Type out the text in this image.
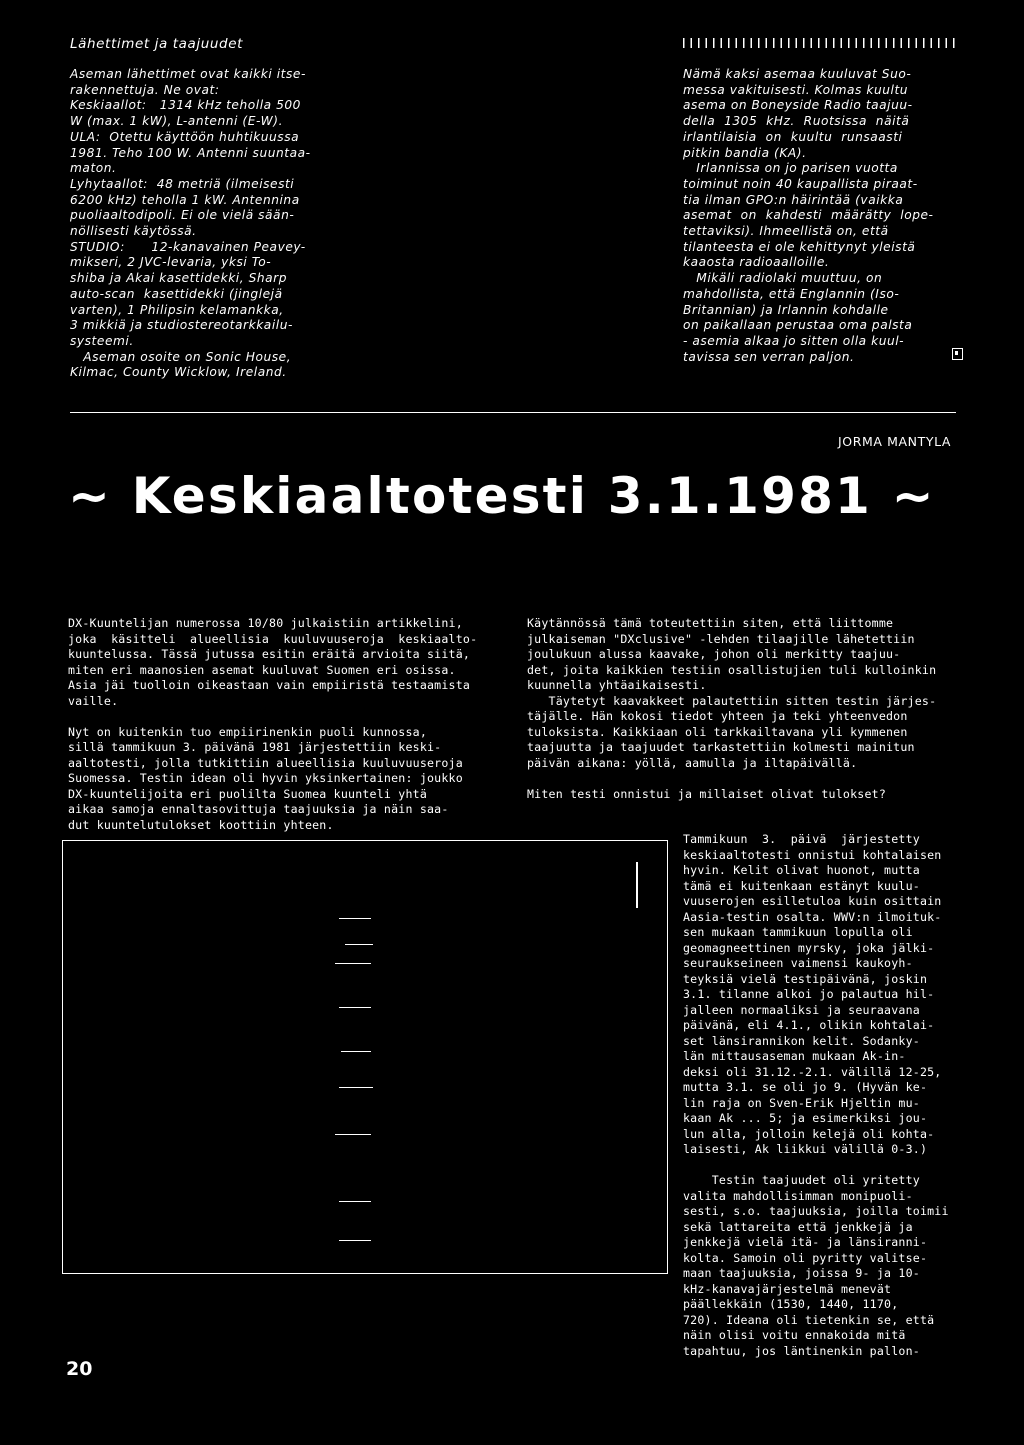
Lähettimet ja taajuudet

Aseman lähettimet ovat kaikki itse-

rakennettuja. Ne ovat:

Keskiaallot:   1314 kHz teholla 500

W (max. 1 kW), L-antenni (E-W).

ULA:  Otettu käyttöön huhtikuussa

1981. Teho 100 W. Antenni suuntaa-

maton.

Lyhytaallot:  48 metriä (ilmeisesti

6200 kHz) teholla 1 kW. Antennina

puoliaaltodipoli. Ei ole vielä sään-

nöllisesti käytössä.

STUDIO:      12-kanavainen Peavey-

mikseri, 2 JVC-levaria, yksi To-

shiba ja Akai kasettidekki, Sharp

auto-scan  kasettidekki (jinglejä

varten), 1 Philipsin kelamankka,

3 mikkiä ja studiostereotarkkailu-

systeemi.

Aseman osoite on Sonic House,

Kilmac, County Wicklow, Ireland.

Nämä kaksi asemaa kuuluvat Suo-

messa vakituisesti. Kolmas kuultu

asema on Boneyside Radio taajuu-

della  1305  kHz.  Ruotsissa  näitä

irlantilaisia  on  kuultu  runsaasti

pitkin bandia (KA).

Irlannissa on jo parisen vuotta

toiminut noin 40 kaupallista piraat-

tia ilman GPO:n häirintää (vaikka

asemat  on  kahdesti  määrätty  lope-

tettaviksi). Ihmeellistä on, että

tilanteesta ei ole kehittynyt yleistä

kaaosta radioaalloille.

Mikäli radiolaki muuttuu, on

mahdollista, että Englannin (Iso-

Britannian) ja Irlannin kohdalle

on paikallaan perustaa oma palsta

- asemia alkaa jo sitten olla kuul-

tavissa sen verran paljon.

JORMA MANTYLA
~ Keskiaaltotesti 3.1.1981 ~

DX-Kuuntelijan numerossa 10/80 julkaistiin artikkelini,

joka  käsitteli  alueellisia  kuuluvuuseroja  keskiaalto-

kuuntelussa. Tässä jutussa esitin eräitä arvioita siitä,

miten eri maanosien asemat kuuluvat Suomen eri osissa.

Asia jäi tuolloin oikeastaan vain empiiristä testaamista

vaille.

Nyt on kuitenkin tuo empiirinenkin puoli kunnossa,

sillä tammikuun 3. päivänä 1981 järjestettiin keski-

aaltotesti, jolla tutkittiin alueellisia kuuluvuuseroja

Suomessa. Testin idean oli hyvin yksinkertainen: joukko

DX-kuuntelijoita eri puolilta Suomea kuunteli yhtä

aikaa samoja ennaltasovittuja taajuuksia ja näin saa-

dut kuuntelutulokset koottiin yhteen.

Käytännössä tämä toteutettiin siten, että liittomme

julkaiseman "DXclusive" -lehden tilaajille lähetettiin

joulukuun alussa kaavake, johon oli merkitty taajuu-

det, joita kaikkien testiin osallistujien tuli kulloinkin

kuunnella yhtäaikaisesti.

Täytetyt kaavakkeet palautettiin sitten testin järjes-

täjälle. Hän kokosi tiedot yhteen ja teki yhteenvedon

tuloksista. Kaikkiaan oli tarkkailtavana yli kymmenen

taajuutta ja taajuudet tarkastettiin kolmesti mainitun

päivän aikana: yöllä, aamulla ja iltapäivällä.

Miten testi onnistui ja millaiset olivat tulokset?

Tammikuun  3.  päivä  järjestetty

keskiaaltotesti onnistui kohtalaisen

hyvin. Kelit olivat huonot, mutta

tämä ei kuitenkaan estänyt kuulu-

vuuserojen esilletuloa kuin osittain

Aasia-testin osalta. WWV:n ilmoituk-

sen mukaan tammikuun lopulla oli

geomagneettinen myrsky, joka jälki-

seuraukseineen vaimensi kaukoyh-

teyksiä vielä testipäivänä, joskin

3.1. tilanne alkoi jo palautua hil-

jalleen normaaliksi ja seuraavana

päivänä, eli 4.1., olikin kohtalai-

set länsirannikon kelit. Sodanky-

län mittausaseman mukaan Ak-in-

deksi oli 31.12.-2.1. välillä 12-25,

mutta 3.1. se oli jo 9. (Hyvän ke-

lin raja on Sven-Erik Hjeltin mu-

kaan Ak ... 5; ja esimerkiksi jou-

lun alla, jolloin kelejä oli kohta-

laisesti, Ak liikkui välillä 0-3.)

Testin taajuudet oli yritetty

valita mahdollisimman monipuoli-

sesti, s.o. taajuuksia, joilla toimii

sekä lattareita että jenkkejä ja

jenkkejä vielä itä- ja länsiranni-

kolta. Samoin oli pyritty valitse-

maan taajuuksia, joissa 9- ja 10-

kHz-kanavajärjestelmä menevät

päällekkäin (1530, 1440, 1170,

720). Ideana oli tietenkin se, että

näin olisi voitu ennakoida mitä

tapahtuu, jos läntinenkin pallon-

20
